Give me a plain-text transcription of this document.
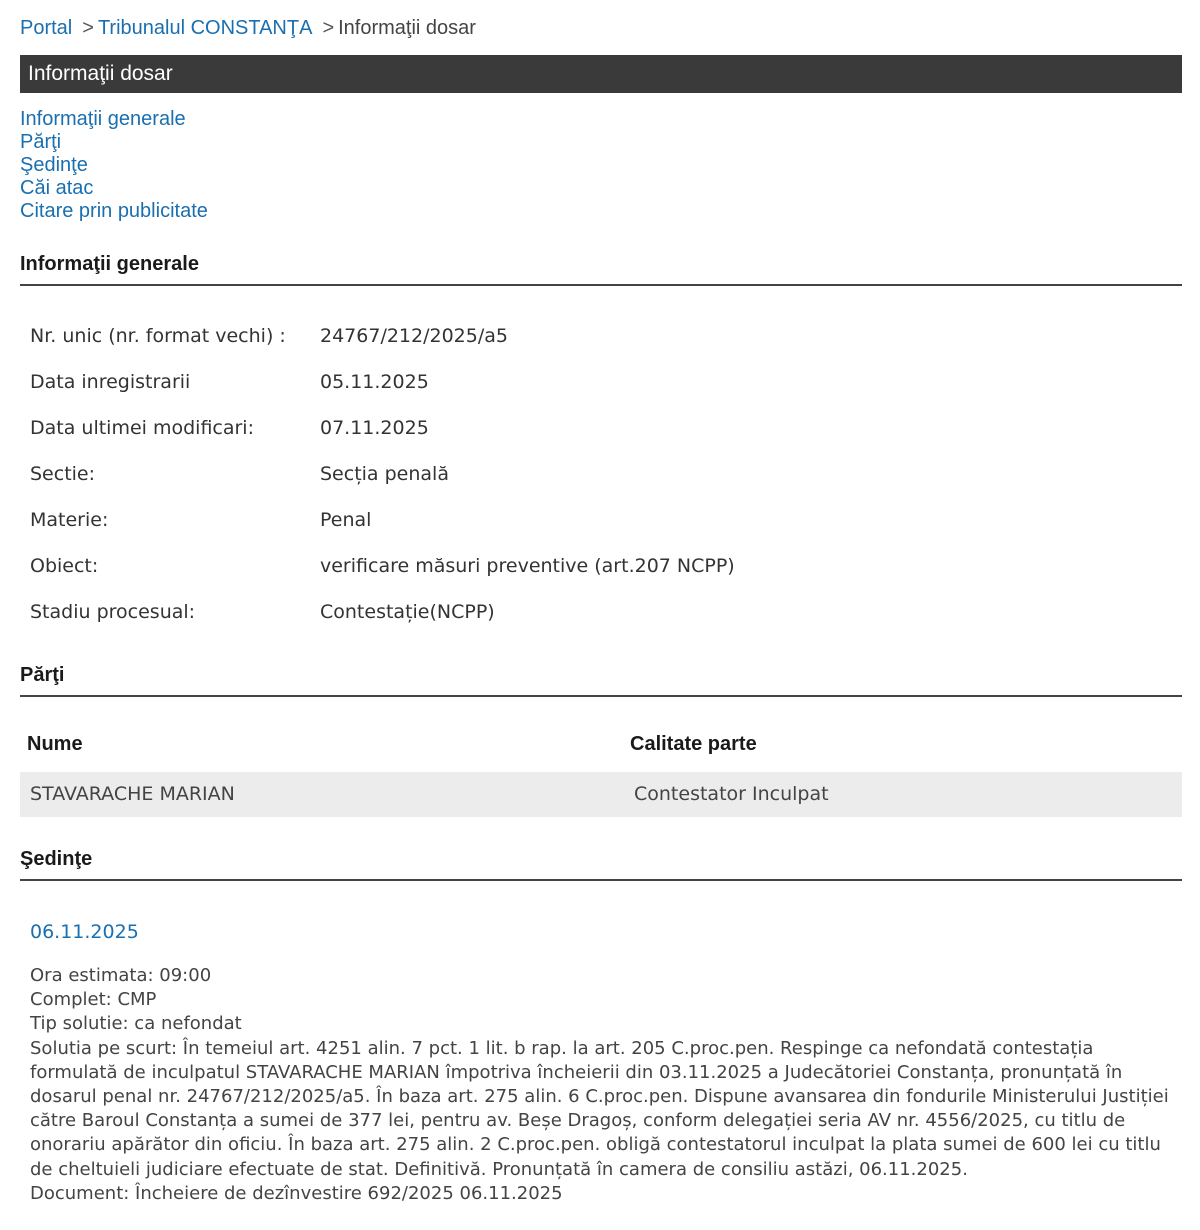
Portal > Tribunalul CONSTANŢA > Informaţii dosar
Informaţii dosar
Informaţii generale
Părţi
Şedinţe
Căi atac
Citare prin publicitate
Informaţii generale
Nr. unic (nr. format vechi) : 24767/212/2025/a5
Data inregistrarii	05.11.2025
Data ultimei modificari:	07.11.2025
Sectie:	Secția penală
Materie:	Penal
Obiect:	verificare măsuri preventive (art.207 NCPP)
Stadiu procesual:	Contestație(NCPP)
Părţi
Nume	Calitate parte
STAVARACHE MARIAN	Contestator Inculpat
Şedinţe
06.11.2025
Ora estimata: 09:00
Complet: CMP
Tip solutie: ca nefondat
Solutia pe scurt: În temeiul art. 4251 alin. 7 pct. 1 lit. b rap. la art. 205 C.proc.pen. Respinge ca nefondată contestația formulată de inculpatul STAVARACHE MARIAN împotriva încheierii din 03.11.2025 a Judecătoriei Constanța, pronunțată în dosarul penal nr. 24767/212/2025/a5. În baza art. 275 alin. 6 C.proc.pen. Dispune avansarea din fondurile Ministerului Justiției către Baroul Constanța a sumei de 377 lei, pentru av. Beșe Dragoș, conform delegației seria AV nr. 4556/2025, cu titlu de onorariu apărător din oficiu. În baza art. 275 alin. 2 C.proc.pen. obligă contestatorul inculpat la plata sumei de 600 lei cu titlu de cheltuieli judiciare efectuate de stat. Definitivă. Pronunțată în camera de consiliu astăzi, 06.11.2025.
Document: Încheiere de dezînvestire 692/2025 06.11.2025
